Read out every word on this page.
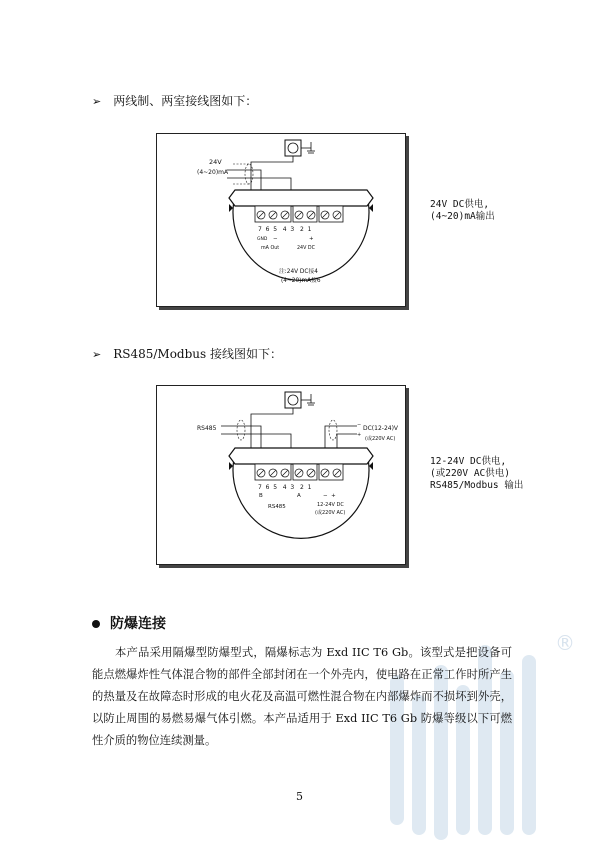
®
➢ 两线制、两室接线图如下：
24V
(4~20)mA
7  6  5   4  3   2  1
GND −	+
mA Out	24V DC
注:24V DC接4
(4~20)mA接6
24V DC供电,
(4~20)mA输出
➢ RS485/Modbus 接线图如下：
RS485	−
+
DC(12-24)V
(或220V AC)
7  6  5   4  3   2  1
B	A	−  +
RS485	12-24V DC
(或220V AC)
12-24V DC供电,
(或220V AC供电)
RS485/Modbus 输出
防爆连接
本产品采用隔爆型防爆型式，隔爆标志为 Exd IIC T6 Gb。该型式是把设备可能点燃爆炸性气体混合物的部件全部封闭在一个外壳内，使电路在正常工作时所产生的热量及在故障态时形成的电火花及高温可燃性混合物在内部爆炸而不损坏到外壳，以防止周围的易燃易爆气体引燃。本产品适用于 Exd IIC T6 Gb 防爆等级以下可燃性介质的物位连续测量。
5
